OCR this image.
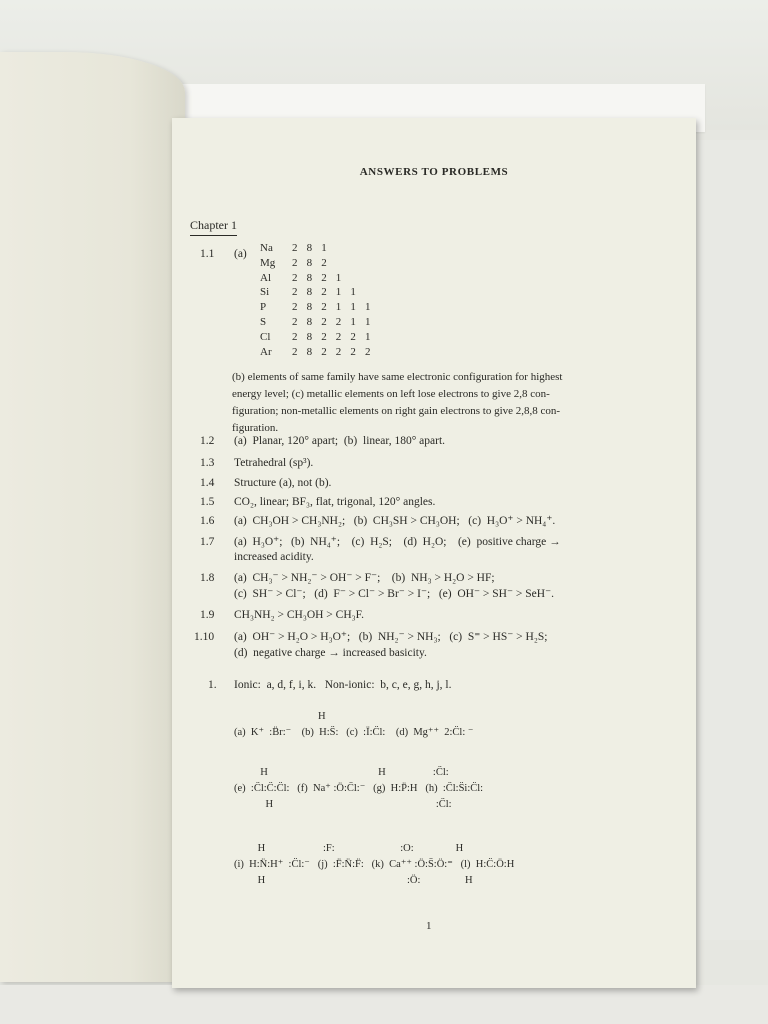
ANSWERS TO PROBLEMS
Chapter 1
1.1 (a) Na	2	8	1			
Mg	2	8	2			
Al	2	8	2	1		
Si	2	8	2	1	1	
P	2	8	2	1	1	1
S	2	8	2	2	1	1
Cl	2	8	2	2	2	1
Ar	2	8	2	2	2	2
(b) elements of same family have same electronic configuration for highest
energy level; (c) metallic elements on left lose electrons to give 2,8 con-
figuration; non-metallic elements on right gain electrons to give 2,8,8 con-
figuration.
1.2 (a)  Planar, 120° apart;  (b)  linear, 180° apart.
1.3 Tetrahedral (sp³).
1.4 Structure (a), not (b).
1.5 CO₂, linear; BF₃, flat, trigonal, 120° angles.
1.6 (a)  CH₃OH > CH₃NH₂;   (b)  CH₃SH > CH₃OH;   (c)  H₃O⁺ > NH₄⁺.
1.7 (a)  H₃O⁺;   (b)  NH₄⁺;    (c)  H₂S;    (d)  H₂O;    (e)  positive charge →
increased acidity.
1.8 (a)  CH₃⁻ > NH₂⁻ > OH⁻ > F⁻;    (b)  NH₃ > H₂O > HF;
(c)  SH⁻ > Cl⁻;   (d)  F⁻ > Cl⁻ > Br⁻ > I⁻;   (e)  OH⁻ > SH⁻ > SeH⁻.
1.9 CH₃NH₂ > CH₃OH > CH₃F.
1.10 (a)  OH⁻ > H₂O > H₃O⁺;   (b)  NH₂⁻ > NH₃;   (c)  S⁼ > HS⁻ > H₂S;
(d)  negative charge → increased basicity.
1. Ionic:  a, d, f, i, k.   Non-ionic:  b, c, e, g, h, j, l.
H
(a)  K⁺  :B̈r:⁻    (b)  H:S̈:   (c)  :Ï:C̈l:    (d)  Mg⁺⁺  2:C̈l: ⁻
H                                          H                  :C̈l:
(e)  :C̈l:C̈:C̈l:   (f)  Na⁺ :Ö:C̈l:⁻   (g)  H:P̈:H   (h)  :C̈l:S̈i:C̈l:
H                                                              :C̈l:
H                      :F:                         :O:                H
(i)  H:N̈:H⁺  :C̈l:⁻   (j)  :F̈:N̈:F̈:   (k)  Ca⁺⁺ :Ö:S̈:Ö:⁼   (l)  H:C̈:Ö:H
H                                                      :Ö:                 H
1
